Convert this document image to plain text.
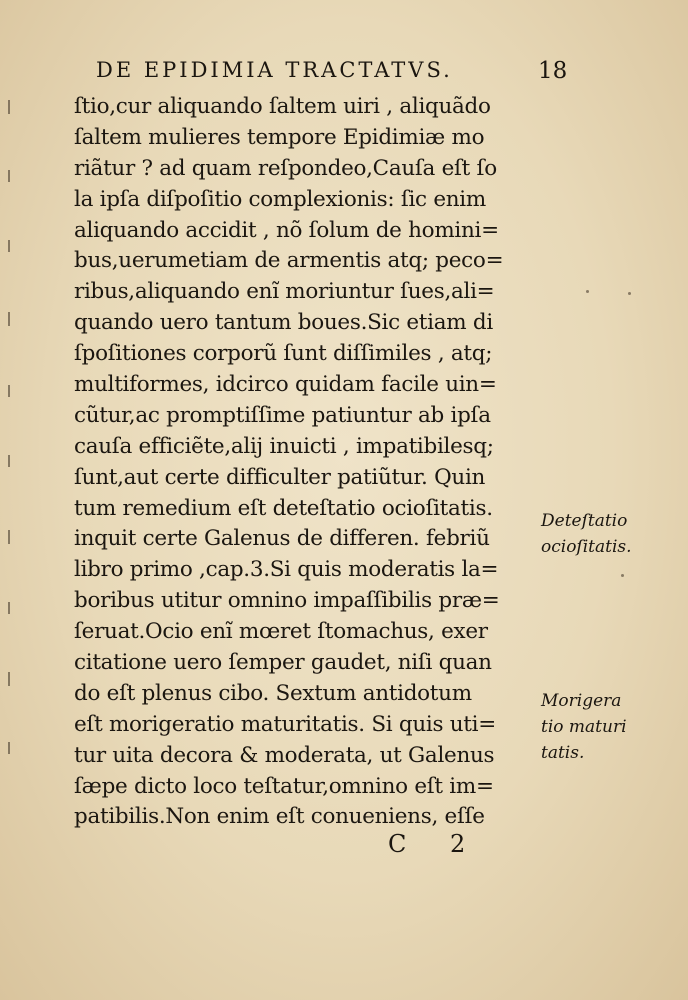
DE EPIDIMIA TRACTATVS.	18
ſtio,cur aliquando ſaltem uiri , aliquãdo
ſaltem mulieres tempore Epidimiæ mo
riãtur ? ad quam reſpondeo,Cauſa eſt ſo
la ipſa diſpoſitio complexionis: ſic enim
aliquando accidit , nõ ſolum de homini=
bus,uerumetiam de armentis atq; peco=
ribus,aliquando enĩ moriuntur ſues,ali=
quando uero tantum boues.Sic etiam di
ſpoſitiones corporũ ſunt diſſimiles , atq;
multiformes, idcirco quidam facile uin=
cũtur,ac promptiſſime patiuntur ab ipſa
cauſa efficiẽte,alij inuicti , impatibilesq;
ſunt,aut certe difficulter patiũtur. Quin
tum remedium eſt deteſtatio ocioſitatis.
inquit certe Galenus de differen. febriũ
libro primo ,cap.3.Si quis moderatis la=
boribus utitur omnino impaſſibilis præ=
ſeruat.Ocio enĩ mœret ſtomachus, exer
citatione uero ſemper gaudet, niſi quan
do eſt plenus cibo. Sextum antidotum
eſt morigeratio maturitatis. Si quis uti=
tur uita decora & moderata, ut Galenus
ſæpe dicto loco teſtatur,omnino eſt im=
patibilis.Non enim eſt conueniens, eſſe
Deteſtatio
ocioſitatis.
Morigera
tio maturi
tatis.
C 2
